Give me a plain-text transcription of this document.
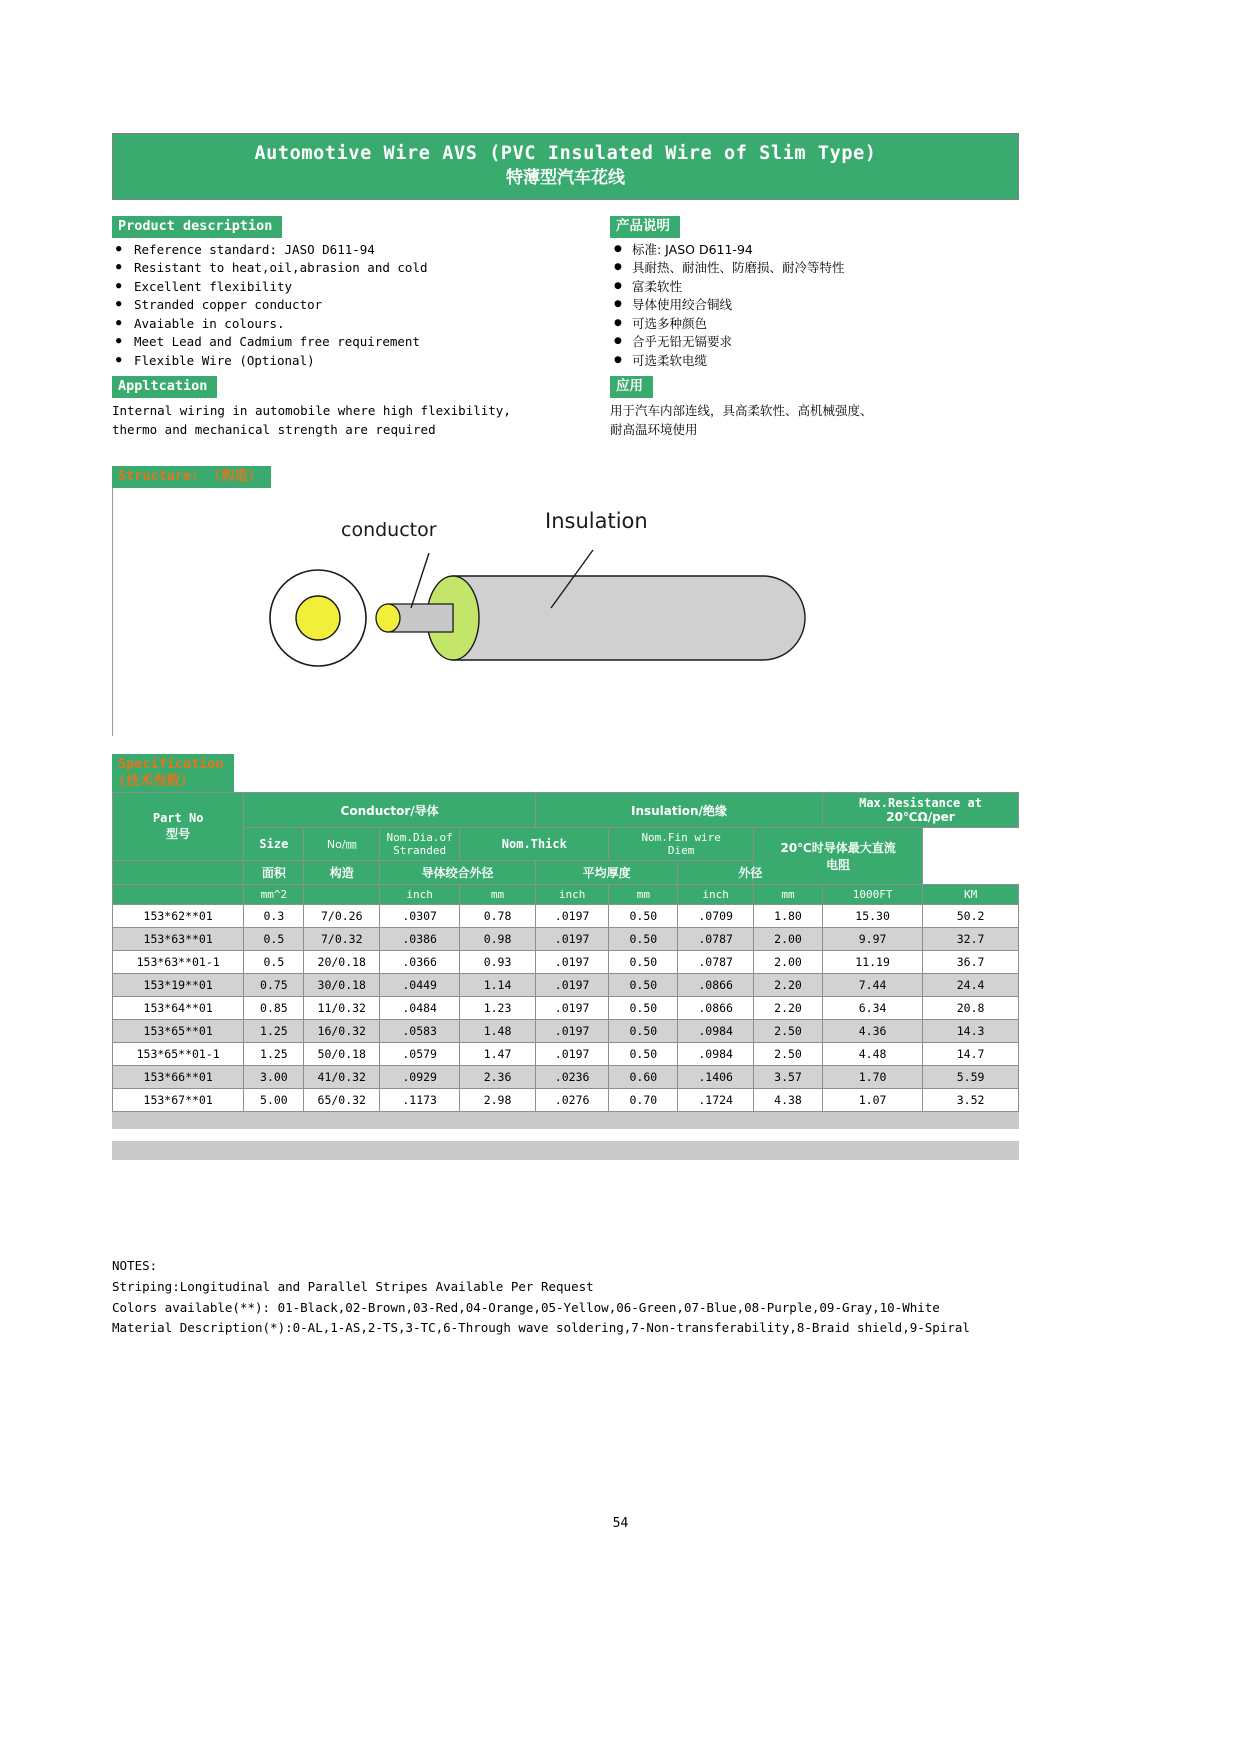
Automotive Wire AVS (PVC Insulated Wire of Slim Type)
特薄型汽车花线
Product description
● Reference standard: JASO D611-94
● Resistant to heat,oil,abrasion and cold
● Excellent flexibility
● Stranded copper conductor
● Avaiable in colours.
● Meet Lead and Cadmium free requirement
● Flexible Wire (Optional)
Appltcation
Internal wiring in automobile where high flexibility,
thermo and mechanical strength are required
产品说明
● 标准: JASO D611-94
● 具耐热、耐油性、防磨损、耐冷等特性
● 富柔软性
● 导体使用绞合铜线
● 可选多种颜色
● 合乎无铅无镉要求
● 可选柔软电缆
应用
用于汽车内部连线，具高柔软性、高机械强度、
耐高温环境使用
Structure: （构造）
conductor	Insulation
Specification
(技术叁数）
Part No
型号
	Conductor/导体	Insulation/绝缘	
Max.Resistance at
20℃Ω/per

Size	No/㎜	
Nom.Dia.of
Stranded	Nom.Thick	Nom.Fin wire
Diem	20℃时导体最大直流
电阻

	面积	构造	导体绞合外径		平均厚度		外径			
	mm^2		inch	mm	inch	mm	inch	mm	1000FT	KM
153*62**01	0.3	7/0.26	.0307	0.78	.0197	0.50	.0709	1.80	15.30	50.2
153*63**01	0.5	7/0.32	.0386	0.98	.0197	0.50	.0787	2.00	9.97	32.7
153*63**01-1	0.5	20/0.18	.0366	0.93	.0197	0.50	.0787	2.00	11.19	36.7
153*19**01	0.75	30/0.18	.0449	1.14	.0197	0.50	.0866	2.20	7.44	24.4
153*64**01	0.85	11/0.32	.0484	1.23	.0197	0.50	.0866	2.20	6.34	20.8
153*65**01	1.25	16/0.32	.0583	1.48	.0197	0.50	.0984	2.50	4.36	14.3
153*65**01-1	1.25	50/0.18	.0579	1.47	.0197	0.50	.0984	2.50	4.48	14.7
153*66**01	3.00	41/0.32	.0929	2.36	.0236	0.60	.1406	3.57	1.70	5.59
153*67**01	5.00	65/0.32	.1173	2.98	.0276	0.70	.1724	4.38	1.07	3.52
NOTES:
Striping:Longitudinal and Parallel Stripes Available Per Request
Colors available(**): 01-Black,02-Brown,03-Red,04-Orange,05-Yellow,06-Green,07-Blue,08-Purple,09-Gray,10-White
Material Description(*):0-AL,1-AS,2-TS,3-TC,6-Through wave soldering,7-Non-transferability,8-Braid shield,9-Spiral
54
